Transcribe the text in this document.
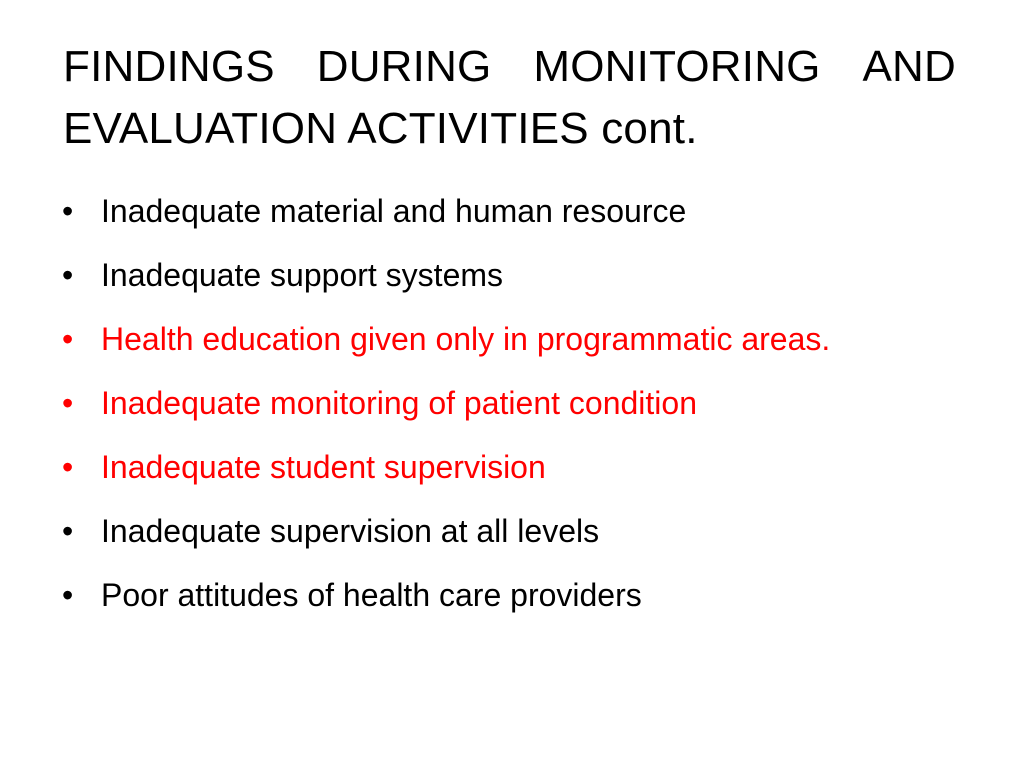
FINDINGS DURING MONITORING AND
EVALUATION ACTIVITIES cont.
• Inadequate material and human resource
• Inadequate support systems
• Health education given only in programmatic areas.
• Inadequate monitoring of patient condition
• Inadequate student supervision
• Inadequate supervision at all levels
• Poor attitudes of health care providers
